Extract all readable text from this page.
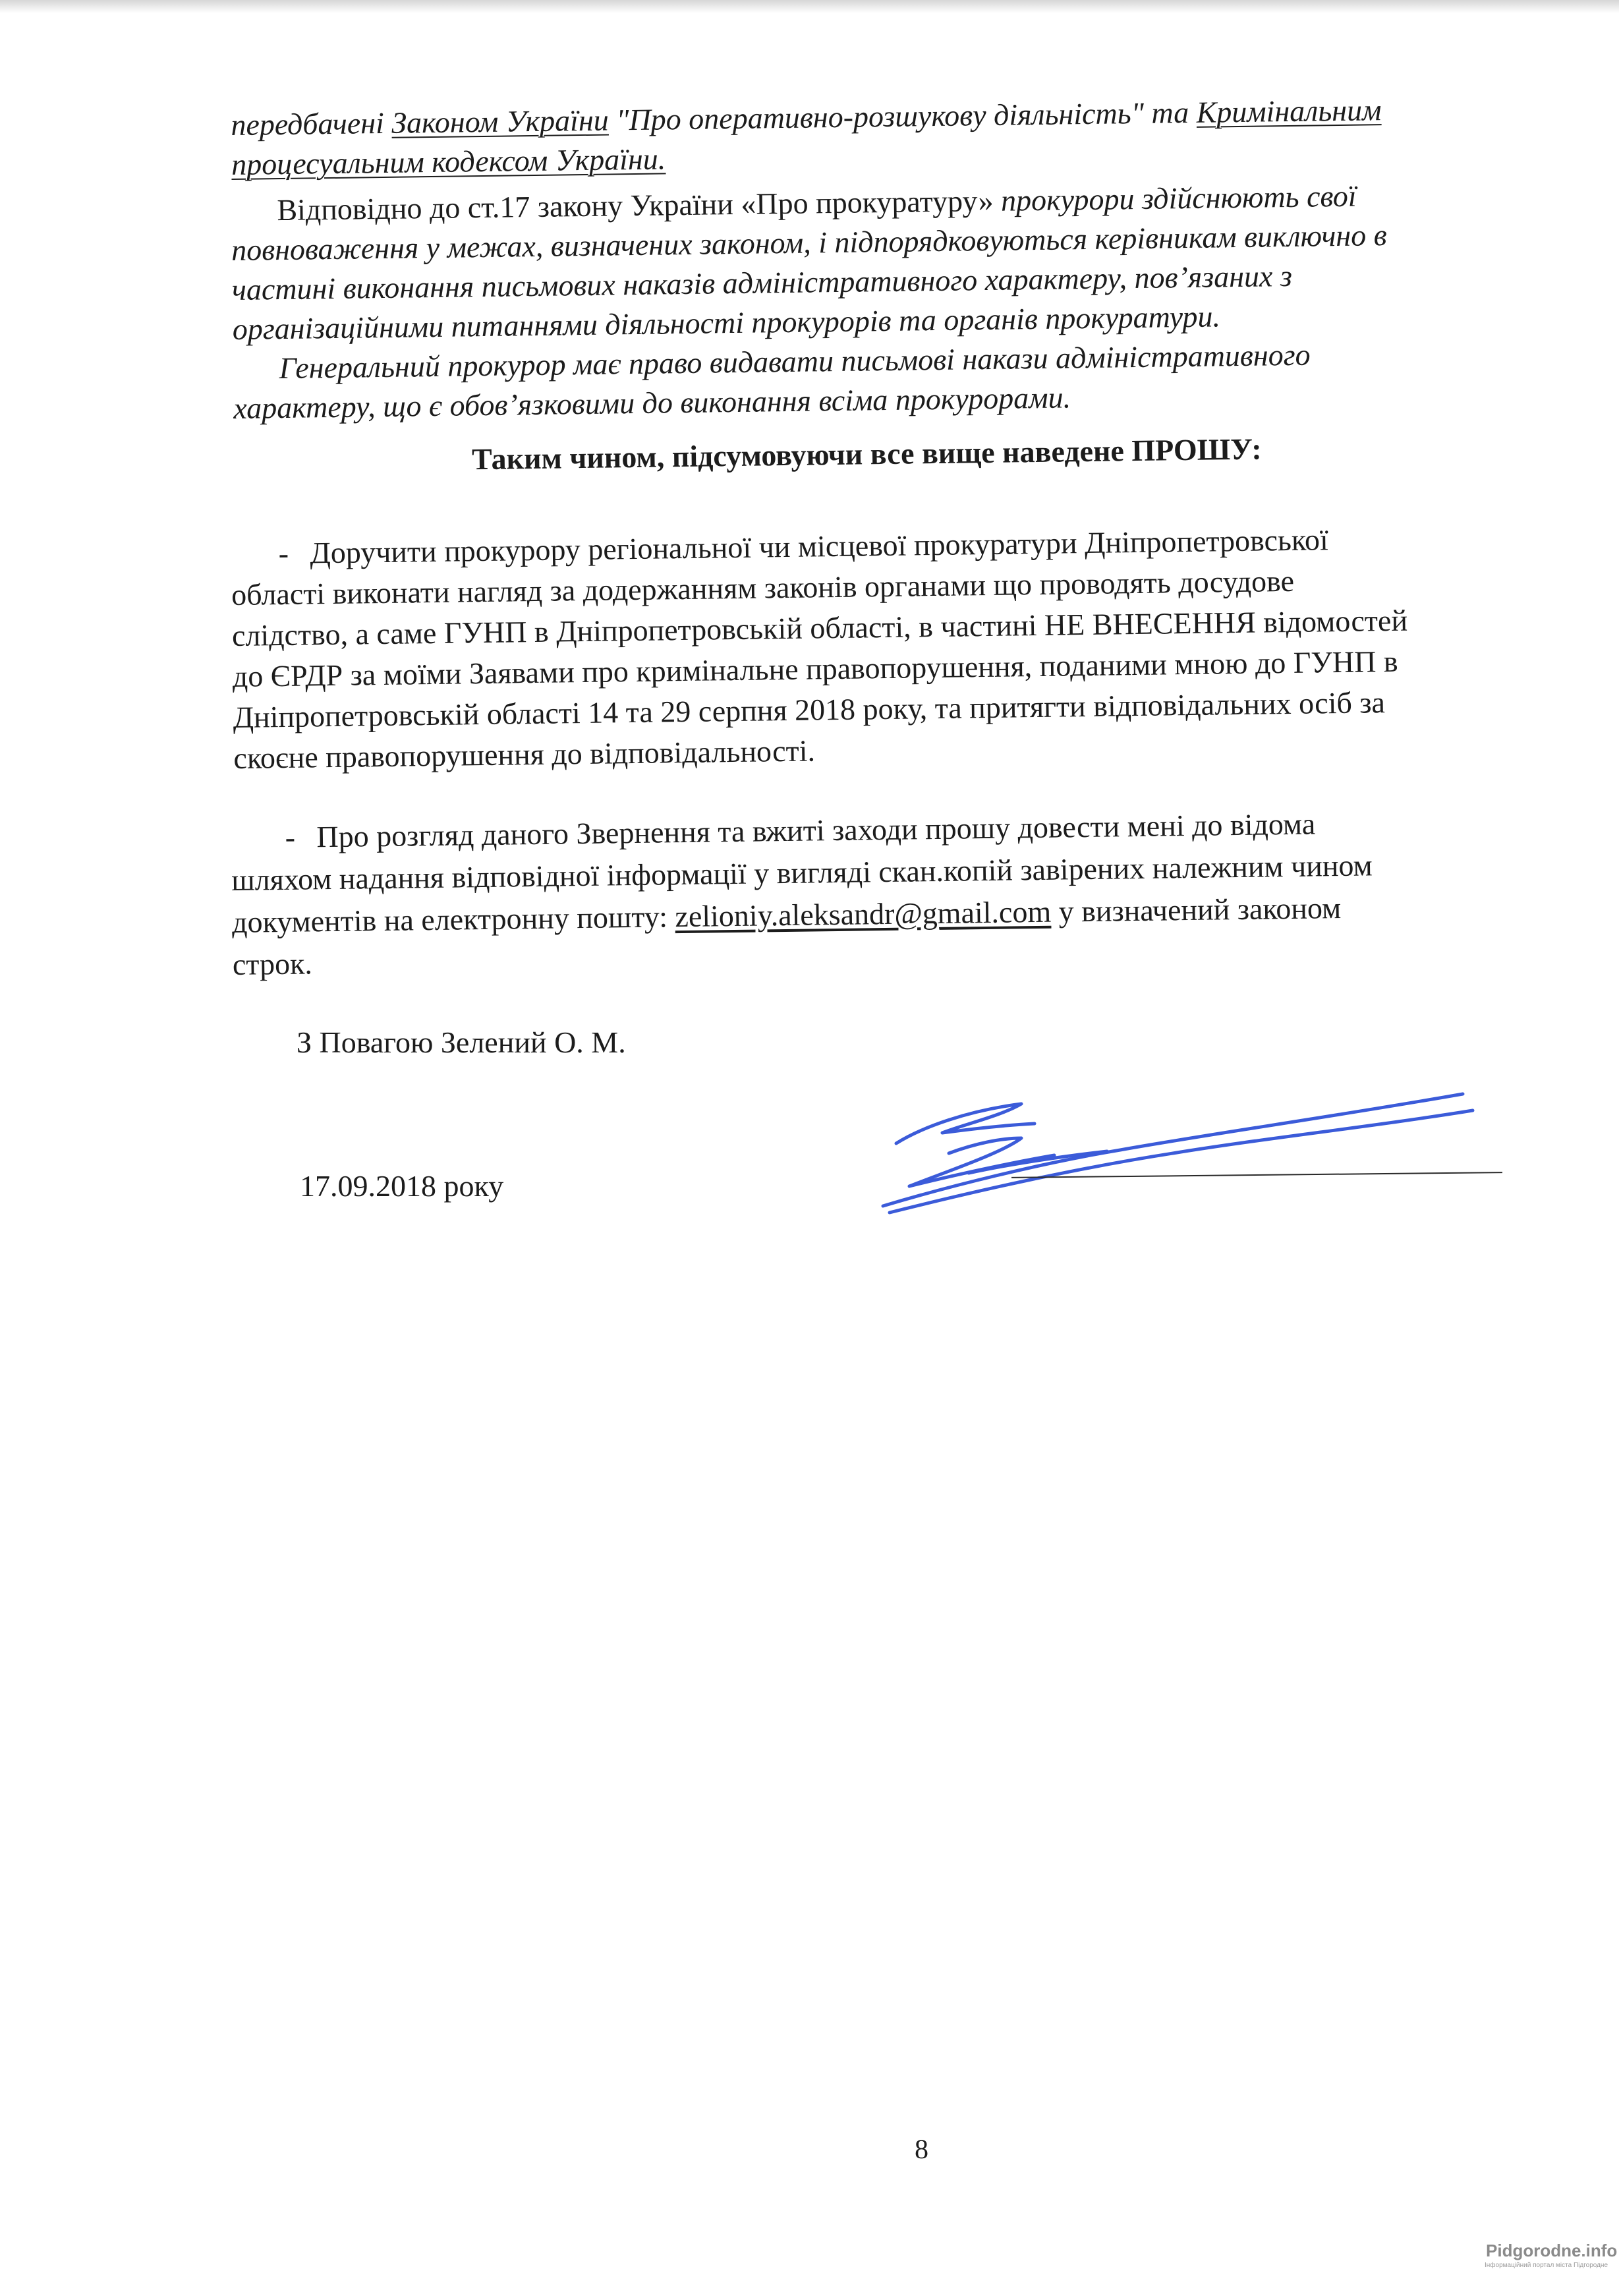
передбачені Законом України "Про оперативно-розшукову діяльність" та Кримінальним
процесуальним кодексом України.
Відповідно до ст.17 закону України «Про прокуратуру» прокурори здійснюють свої
повноваження у межах, визначених законом, і підпорядковуються керівникам виключно в
частині виконання письмових наказів адміністративного характеру, пов’язаних з
організаційними питаннями діяльності прокурорів та органів прокуратури.
Генеральний прокурор має право видавати письмові накази адміністративного
характеру, що є обов’язковими до виконання всіма прокурорами.
Таким чином, підсумовуючи все вище наведене ПРОШУ:
- Доручити прокурору регіональної чи місцевої прокуратури Дніпропетровської
області виконати нагляд за додержанням законів органами що проводять досудове
слідство, а саме ГУНП в Дніпропетровській області, в частині НЕ ВНЕСЕННЯ відомостей
до ЄРДР за моїми Заявами про кримінальне правопорушення, поданими мною до ГУНП в
Дніпропетровській області 14 та 29 серпня 2018 року, та притягти відповідальних осіб за
скоєне правопорушення до відповідальності.
- Про розгляд даного Звернення та вжиті заходи прошу довести мені до відома
шляхом надання відповідної інформації у вигляді скан.копій завірених належним чином
документів на електронну пошту: zelioniy.aleksandr@gmail.com у визначений законом
строк.
З Повагою Зелений О. М.
17.09.2018 року
8
Pidgorodne.info
Інформаційний портал міста Підгородне
